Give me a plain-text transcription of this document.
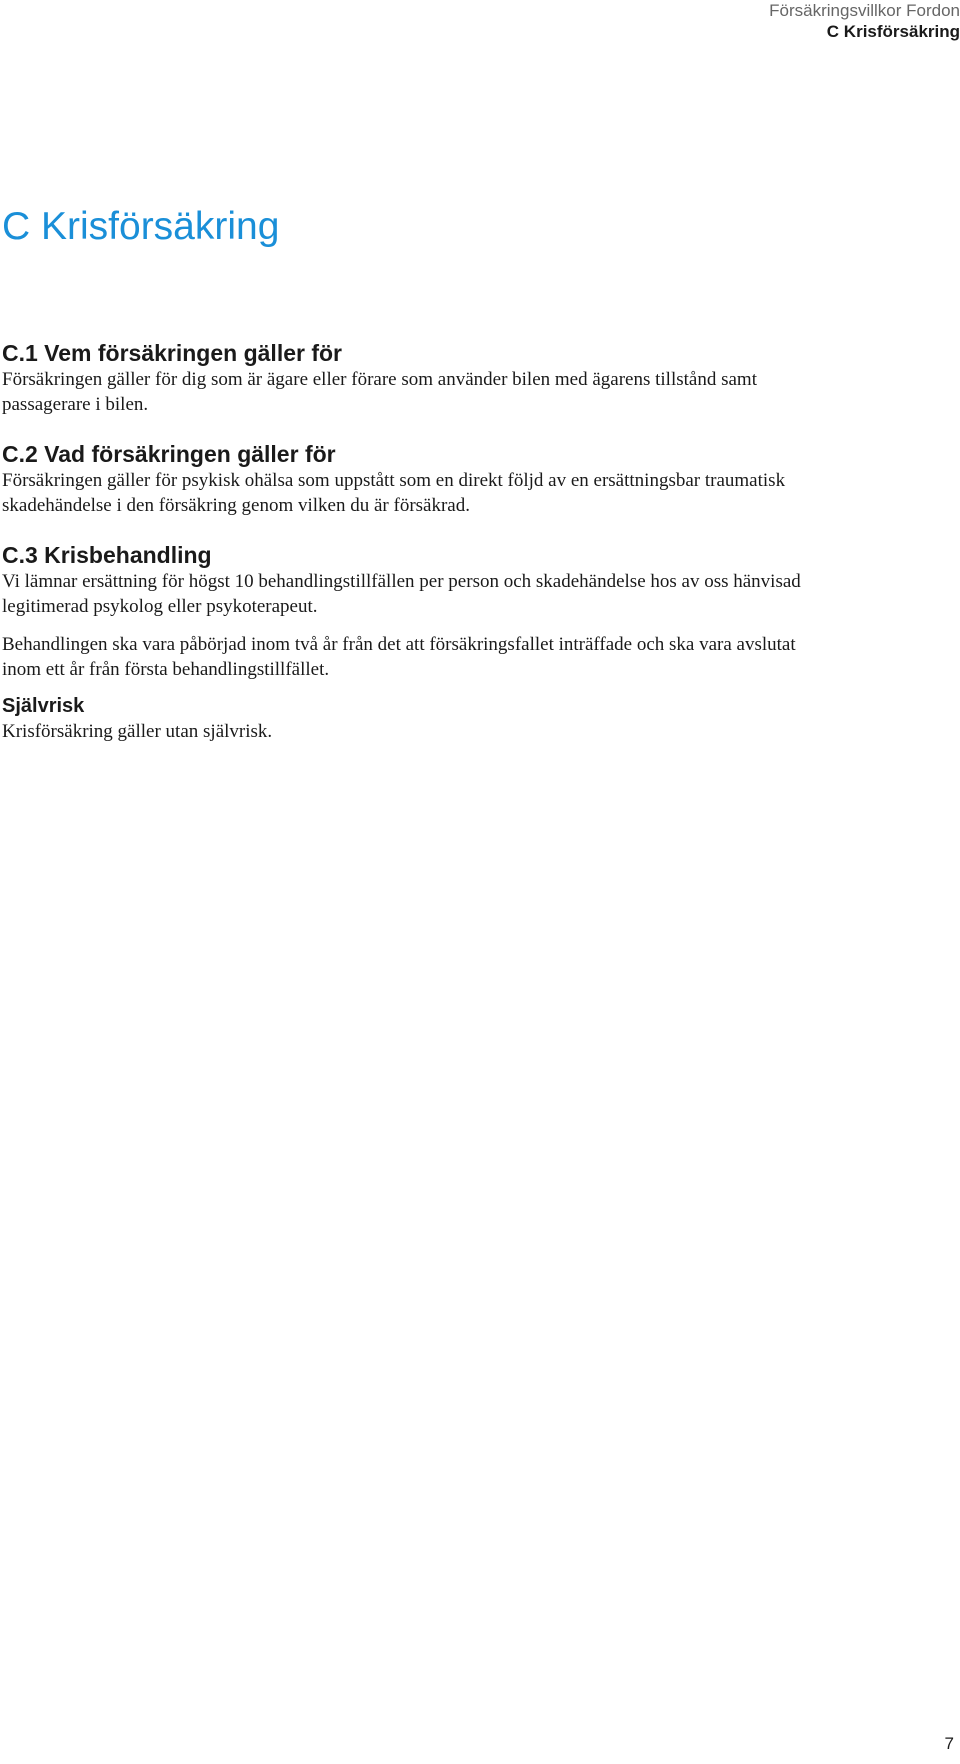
Försäkringsvillkor Fordon
C Krisförsäkring
C Krisförsäkring
C.1 Vem försäkringen gäller för

Försäkringen gäller för dig som är ägare eller förare som använder bilen med ägarens tillstånd samt passagerare i bilen.

C.2 Vad försäkringen gäller för

Försäkringen gäller för psykisk ohälsa som uppstått som en direkt följd av en ersättningsbar traumatisk skadehändelse i den försäkring genom vilken du är försäkrad.

C.3 Krisbehandling

Vi lämnar ersättning för högst 10 behandlingstillfällen per person och skadehändelse hos av oss hänvisad legitimerad psykolog eller psykoterapeut.

Behandlingen ska vara påbörjad inom två år från det att försäkringsfallet inträffade och ska vara avslutat inom ett år från första behandlingstillfället.

Självrisk

Krisförsäkring gäller utan självrisk.

7
